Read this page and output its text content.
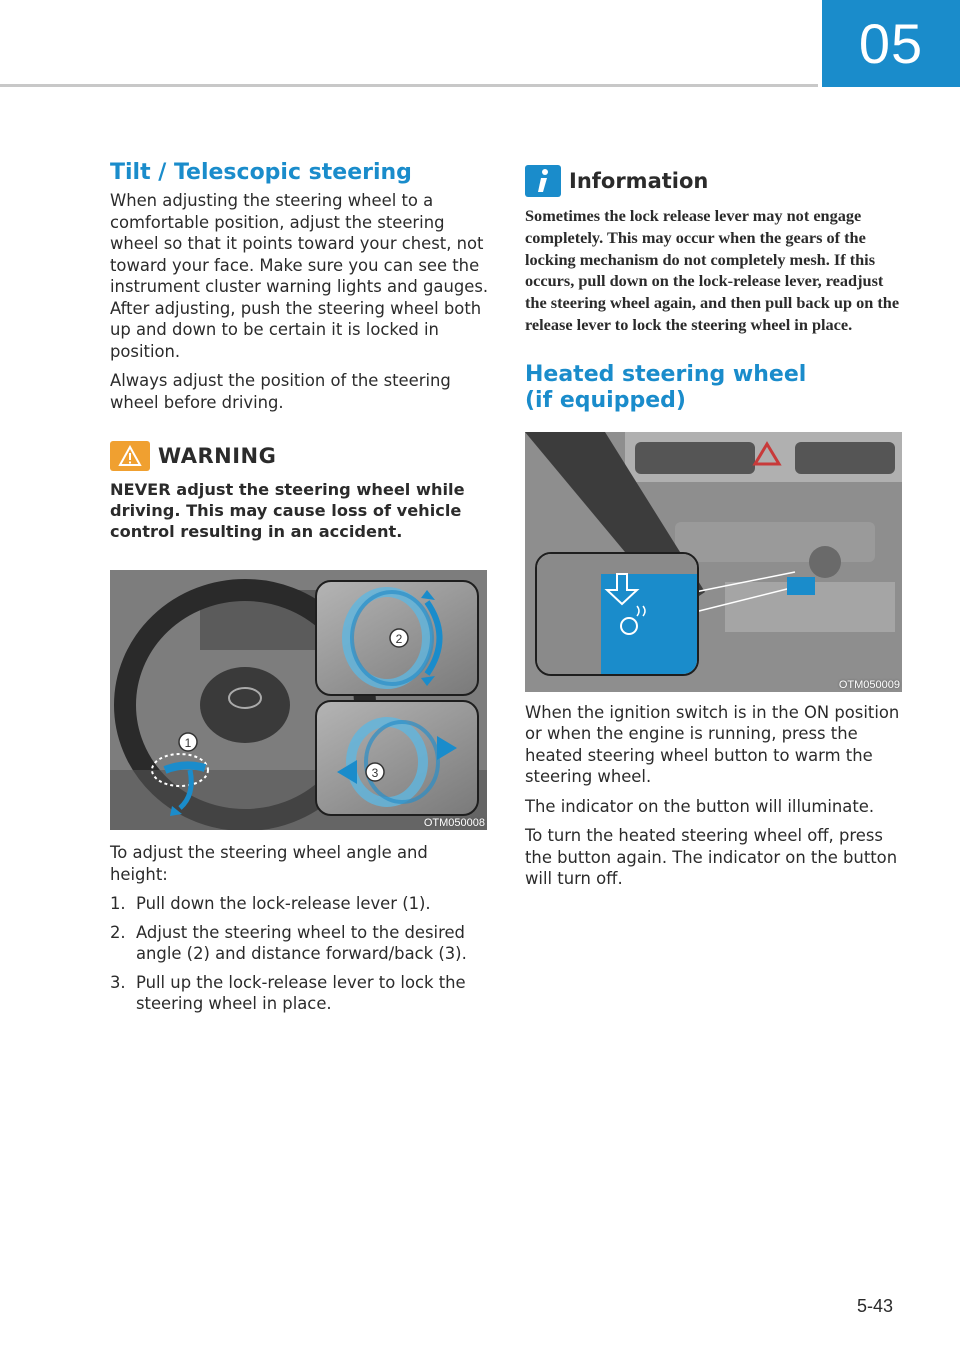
05
Tilt / Telescopic steering

When adjusting the steering wheel to a comfortable position, adjust the steering wheel so that it points toward your chest, not toward your face. Make sure you can see the instrument cluster warning lights and gauges. After adjusting, push the steering wheel both up and down to be certain it is locked in position.

Always adjust the position of the steering wheel before driving.

WARNING

NEVER adjust the steering wheel while driving. This may cause loss of vehicle control resulting in an accident.

1
2
3
OTM050008

To adjust the steering wheel angle and height:

1. Pull down the lock-release lever (1).
2. Adjust the steering wheel to the desired angle (2) and distance forward/back (3).
3. Pull up the lock-release lever to lock the steering wheel in place.
Information

Sometimes the lock release lever may not engage completely. This may occur when the gears of the locking mechanism do not completely mesh. If this occurs, pull down on the lock-release lever, readjust the steering wheel again, and then pull back up on the release lever to lock the steering wheel in place.

Heated steering wheel
(if equipped)
OTM050009

When the ignition switch is in the ON position or when the engine is running, press the heated steering wheel button to warm the steering wheel.

The indicator on the button will illuminate.

To turn the heated steering wheel off, press the button again. The indicator on the button will turn off.

5-43
